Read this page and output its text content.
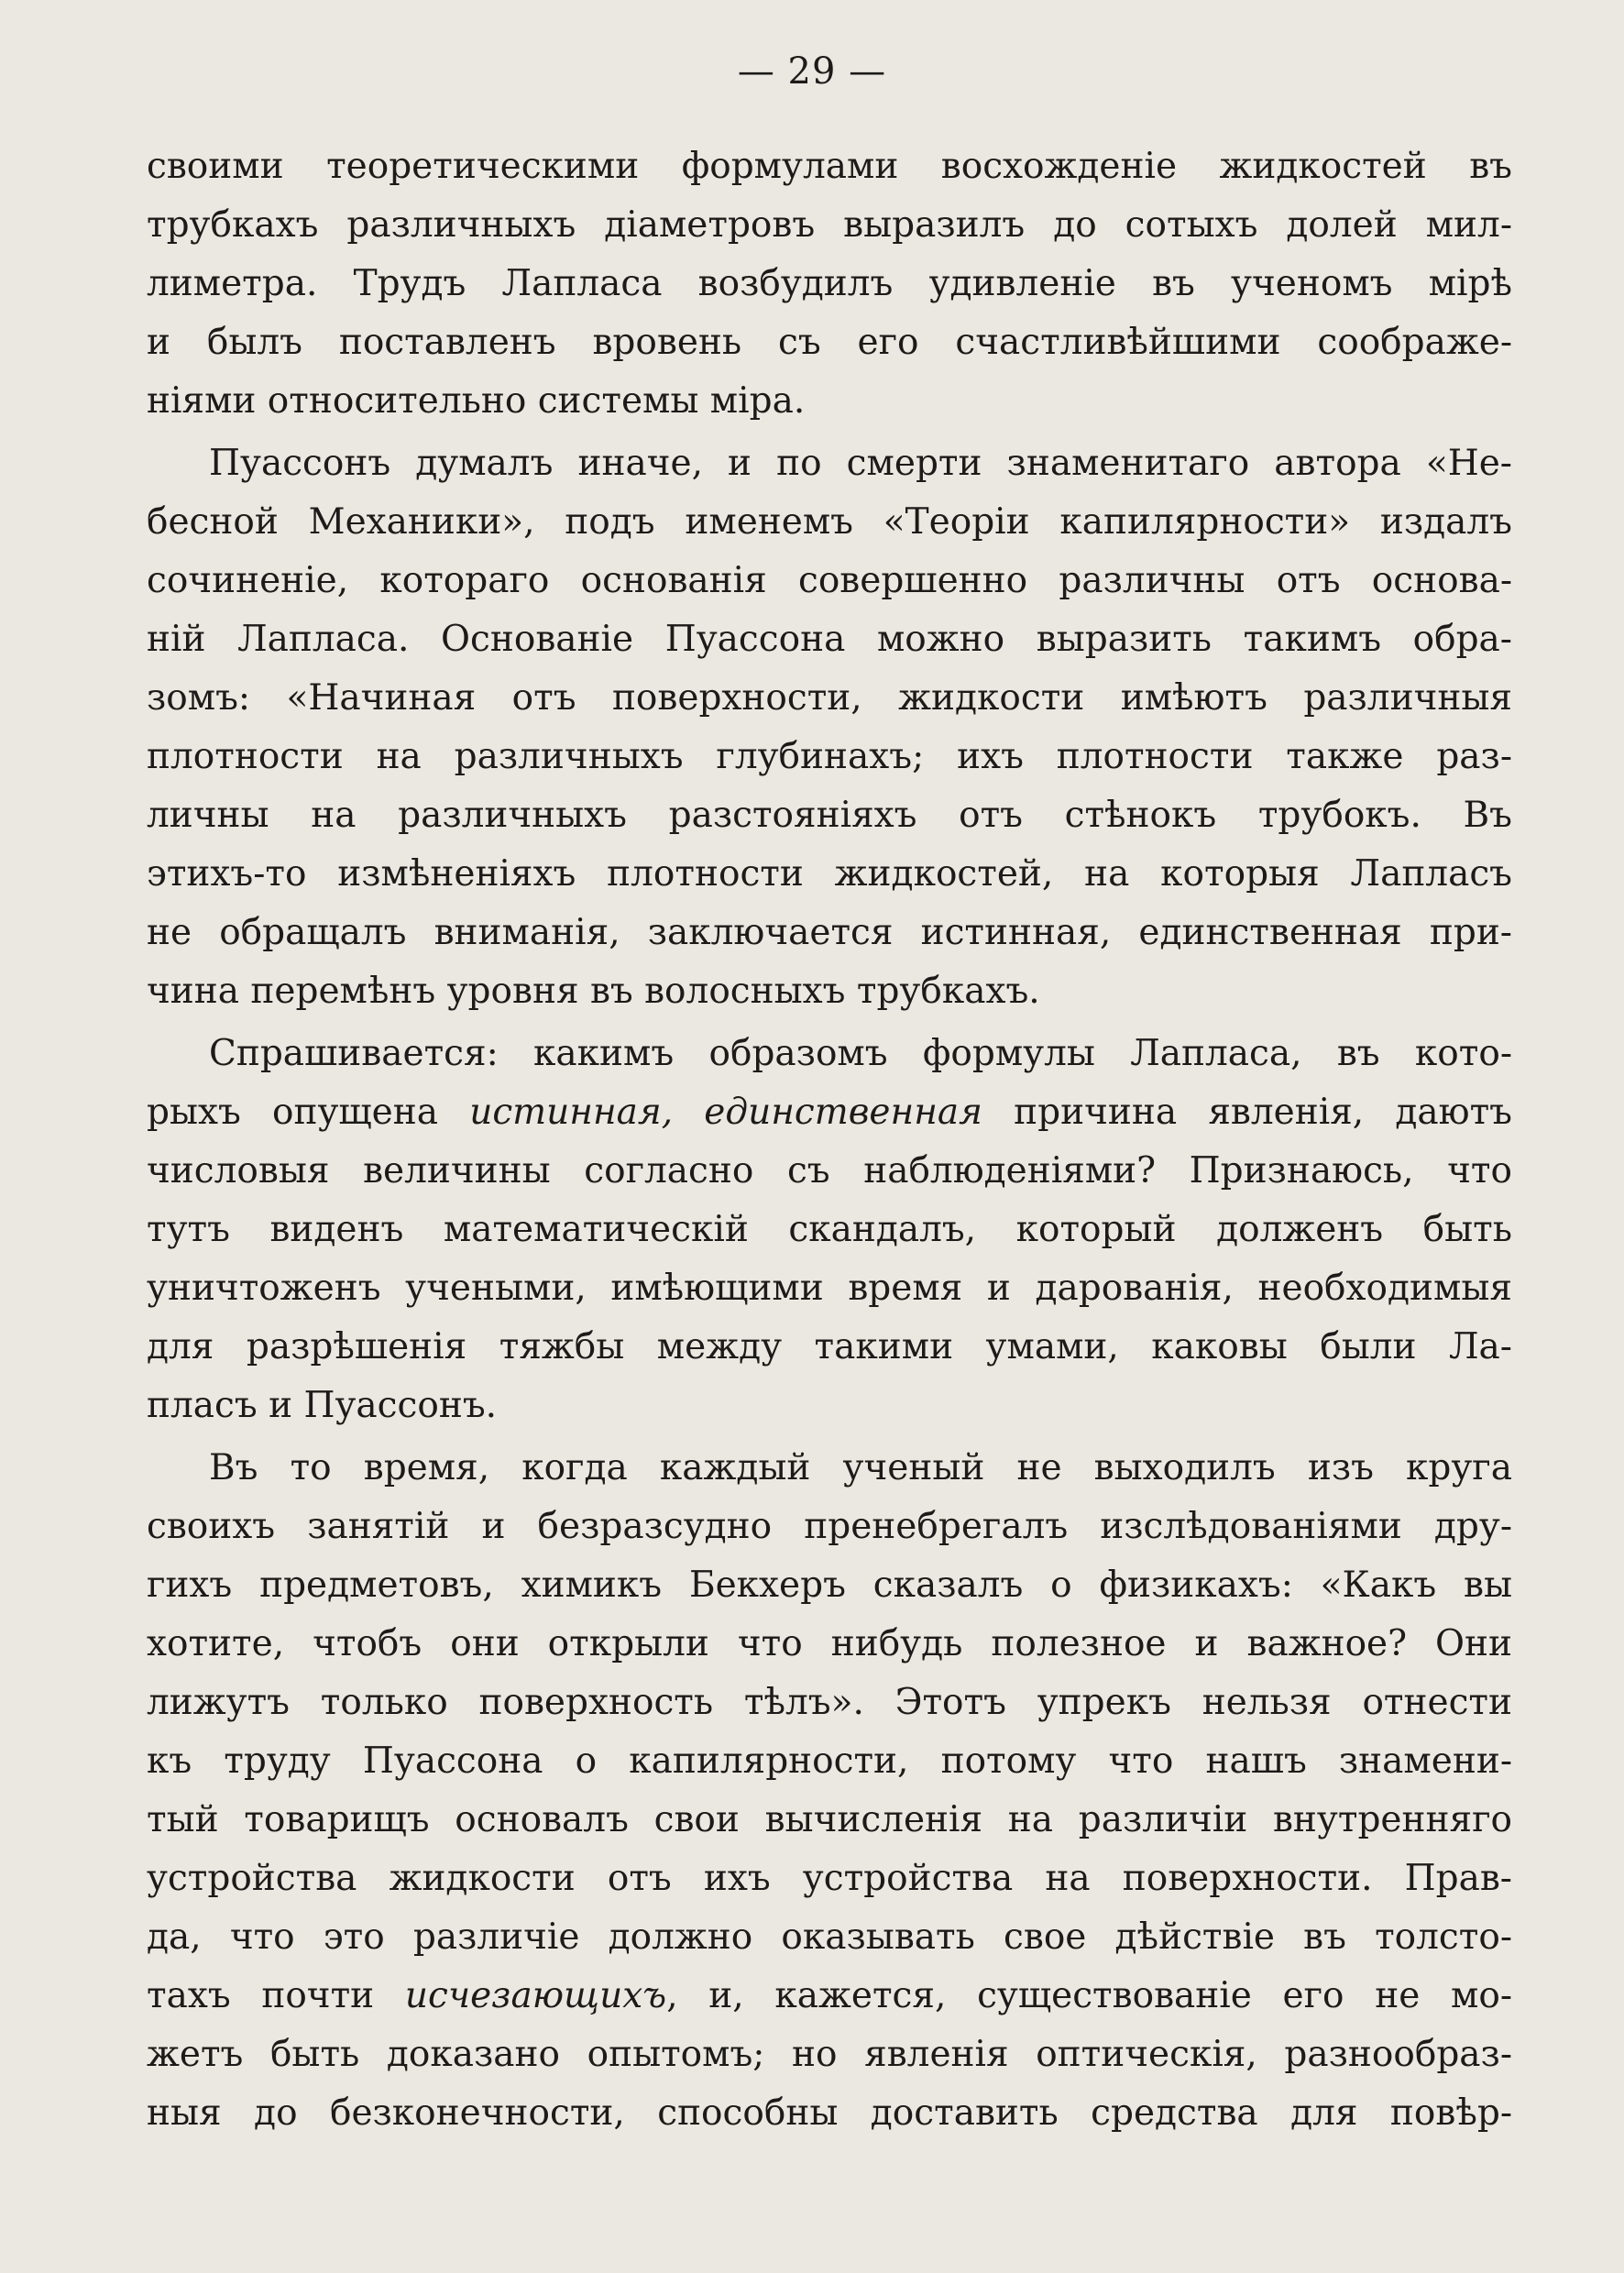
— 29 —

своими теоретическими формулами восхожденіе жидкостей въ
трубкахъ различныхъ діаметровъ выразилъ до сотыхъ долей мил-
лиметра. Трудъ Лапласа возбудилъ удивленіе въ ученомъ мірѣ
и былъ поставленъ вровень съ его счастливѣйшими соображе-
ніями относительно системы міра.

Пуассонъ думалъ иначе, и по смерти знаменитаго автора «Не-
бесной Механики», подъ именемъ «Теоріи капилярности» издалъ
сочиненіе, котораго основанія совершенно различны отъ основа-
ній Лапласа. Основаніе Пуассона можно выразить такимъ обра-
зомъ: «Начиная отъ поверхности, жидкости имѣютъ различныя
плотности на различныхъ глубинахъ; ихъ плотности также раз-
личны на различныхъ разстояніяхъ отъ стѣнокъ трубокъ. Въ
этихъ-то измѣненіяхъ плотности жидкостей, на которыя Лапласъ
не обращалъ вниманія, заключается истинная, единственная при-
чина перемѣнъ уровня въ волосныхъ трубкахъ.

Спрашивается: какимъ образомъ формулы Лапласа, въ кото-
рыхъ опущена истинная, единственная причина явленія, даютъ
числовыя величины согласно съ наблюденіями? Признаюсь, что
тутъ виденъ математическій скандалъ, который долженъ быть
уничтоженъ учеными, имѣющими время и дарованія, необходимыя
для разрѣшенія тяжбы между такими умами, каковы были Ла-
пласъ и Пуассонъ.

Въ то время, когда каждый ученый не выходилъ изъ круга
своихъ занятій и безразсудно пренебрегалъ изслѣдованіями дру-
гихъ предметовъ, химикъ Бекхеръ сказалъ о физикахъ: «Какъ вы
хотите, чтобъ они открыли что нибудь полезное и важное? Они
лижутъ только поверхность тѣлъ». Этотъ упрекъ нельзя отнести
къ труду Пуассона о капилярности, потому что нашъ знамени-
тый товарищъ основалъ свои вычисленія на различіи внутренняго
устройства жидкости отъ ихъ устройства на поверхности. Прав-
да, что это различіе должно оказывать свое дѣйствіе въ толсто-
тахъ почти исчезающихъ, и, кажется, существованіе его не мо-
жетъ быть доказано опытомъ; но явленія оптическія, разнообраз-
ныя до безконечности, способны доставить средства для повѣр-
